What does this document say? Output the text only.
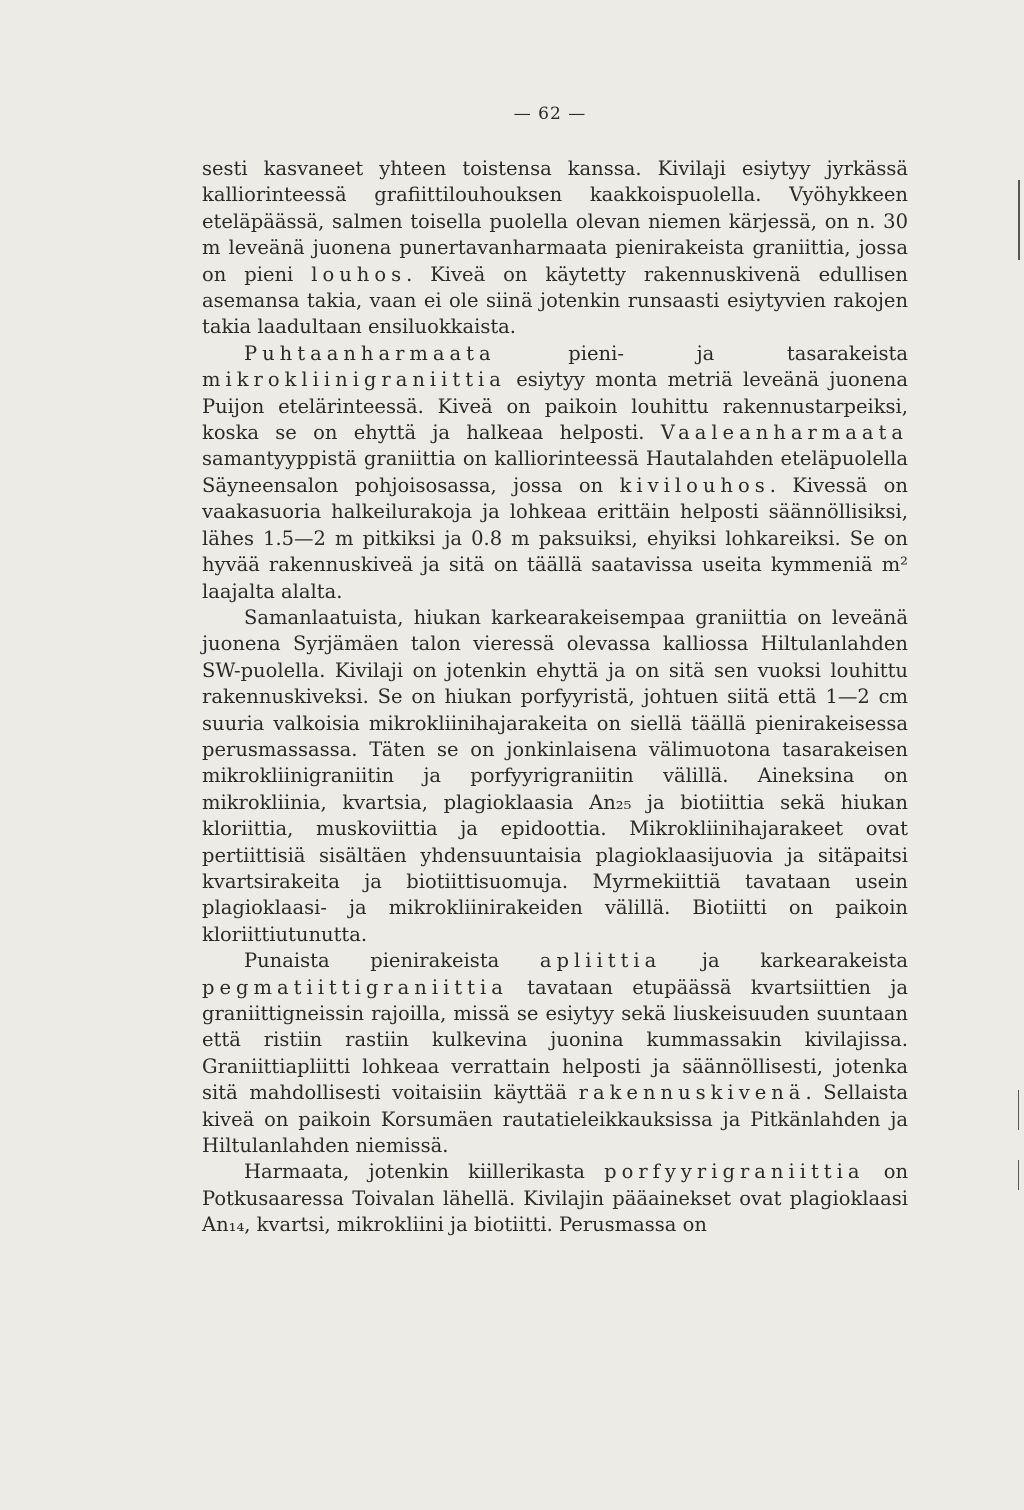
— 62 —

sesti kasvaneet yhteen toistensa kanssa. Kivilaji esiytyy jyrkässä kalliorinteessä grafiittilouhouksen kaakkoispuolella. Vyöhykkeen eteläpäässä, salmen toisella puolella olevan niemen kärjessä, on n. 30 m leveänä juonena punertavanharmaata pienirakeista graniittia, jossa on pieni louhos. Kiveä on käytetty rakennuskivenä edullisen asemansa takia, vaan ei ole siinä jotenkin runsaasti esiytyvien rakojen takia laadultaan ensiluokkaista.

Puhtaanharmaata pieni- ja tasarakeista mikrokliinigraniittia esiytyy monta metriä leveänä juonena Puijon etelärinteessä. Kiveä on paikoin louhittu rakennustarpeiksi, koska se on ehyttä ja halkeaa helposti. Vaaleanharmaata samantyyppistä graniittia on kalliorinteessä Hautalahden eteläpuolella Säyneensalon pohjoisosassa, jossa on kivilouhos. Kivessä on vaakasuoria halkeilurakoja ja lohkeaa erittäin helposti säännöllisiksi, lähes 1.5—2 m pitkiksi ja 0.8 m paksuiksi, ehyiksi lohkareiksi. Se on hyvää rakennuskiveä ja sitä on täällä saatavissa useita kymmeniä m² laajalta alalta.

Samanlaatuista, hiukan karkearakeisempaa graniittia on leveänä juonena Syrjämäen talon vieressä olevassa kalliossa Hiltulanlahden SW-puolella. Kivilaji on jotenkin ehyttä ja on sitä sen vuoksi louhittu rakennuskiveksi. Se on hiukan porfyyristä, johtuen siitä että 1—2 cm suuria valkoisia mikrokliinihajarakeita on siellä täällä pienirakeisessa perusmassassa. Täten se on jonkinlaisena välimuotona tasarakeisen mikrokliinigraniitin ja porfyyrigraniitin välillä. Aineksina on mikrokliinia, kvartsia, plagioklaasia An₂₅ ja biotiittia sekä hiukan kloriittia, muskoviittia ja epidoottia. Mikrokliinihajarakeet ovat pertiittisiä sisältäen yhdensuuntaisia plagioklaasijuovia ja sitäpaitsi kvartsirakeita ja biotiittisuomuja. Myrmekiittiä tavataan usein plagioklaasi- ja mikrokliinirakeiden välillä. Biotiitti on paikoin kloriittiutunutta.

Punaista pienirakeista apliittia ja karkearakeista pegmatiittigraniittia tavataan etupäässä kvartsiittien ja graniittigneissin rajoilla, missä se esiytyy sekä liuskeisuuden suuntaan että ristiin rastiin kulkevina juonina kummassakin kivilajissa. Graniittiapliitti lohkeaa verrattain helposti ja säännöllisesti, jotenka sitä mahdollisesti voitaisiin käyttää rakennuskivenä. Sellaista kiveä on paikoin Korsumäen rautatieleikkauksissa ja Pitkänlahden ja Hiltulanlahden niemissä.

Harmaata, jotenkin kiillerikasta porfyyrigraniittia on Potkusaaressa Toivalan lähellä. Kivilajin pääainekset ovat plagioklaasi An₁₄, kvartsi, mikrokliini ja biotiitti. Perusmassa on
